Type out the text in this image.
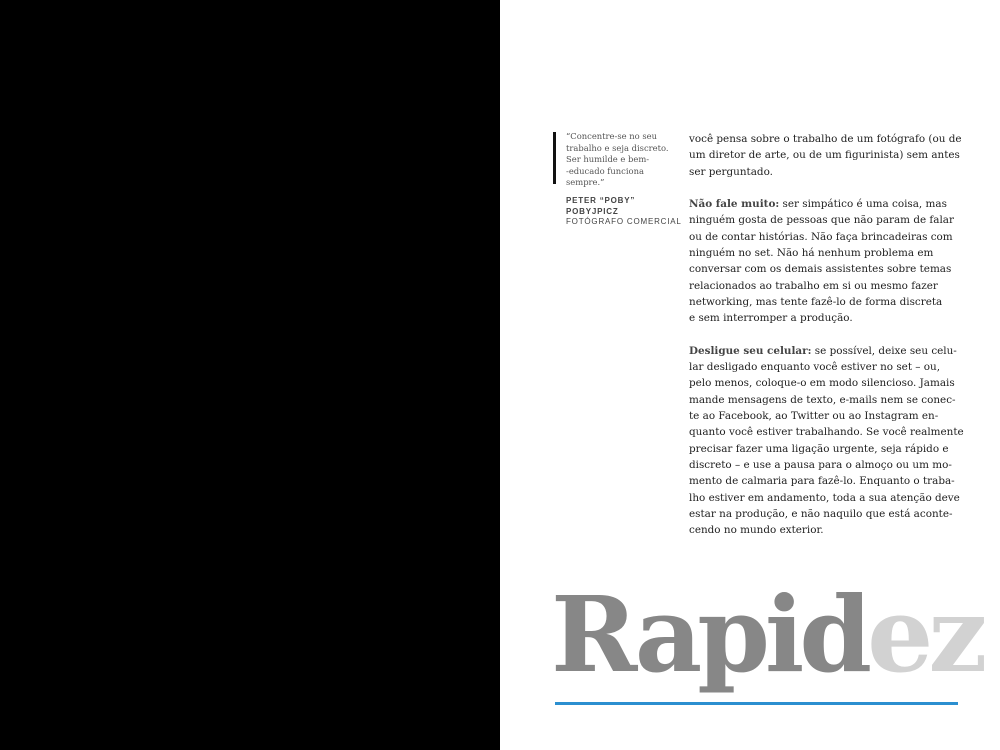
“Pode ser que você tenha
de interagir com o/a
modelo no set – e,
eventualmente, ele/ela
ser uma celebridade.
Como regra geral, tente
não falar sobre si, mesmo
quando perguntado.
Mantenha seu foco na
tarefa e acompanhe o que
o fotógrafo está fazendo.”

DOUG MENUEZ
FOTÓGRAFO COMERCIAL E DOCUMENTARISTA
“Concentre-se no seu
trabalho e seja discreto.
Ser humilde e bem-
-educado funciona
sempre.”
PETER “POBY”
POBYJPICZ
FOTÓGRAFO COMERCIAL
você pensa sobre o trabalho de um fotógrafo (ou de
um diretor de arte, ou de um figurinista) sem antes
ser perguntado.
Não fale muito: ser simpático é uma coisa, mas
ninguém gosta de pessoas que não param de falar
ou de contar histórias. Não faça brincadeiras com
ninguém no set. Não há nenhum problema em
conversar com os demais assistentes sobre temas
relacionados ao trabalho em si ou mesmo fazer
networking, mas tente fazê-lo de forma discreta
e sem interromper a produção.
Desligue seu celular: se possível, deixe seu celu-
lar desligado enquanto você estiver no set – ou,
pelo menos, coloque-o em modo silencioso. Jamais
mande mensagens de texto, e-mails nem se conec-
te ao Facebook, ao Twitter ou ao Instagram en-
quanto você estiver trabalhando. Se você realmente
precisar fazer uma ligação urgente, seja rápido e
discreto – e use a pausa para o almoço ou um mo-
mento de calmaria para fazê-lo. Enquanto o traba-
lho estiver em andamento, toda a sua atenção deve
estar na produção, e não naquilo que está aconte-
cendo no mundo exterior.
Rapidez
